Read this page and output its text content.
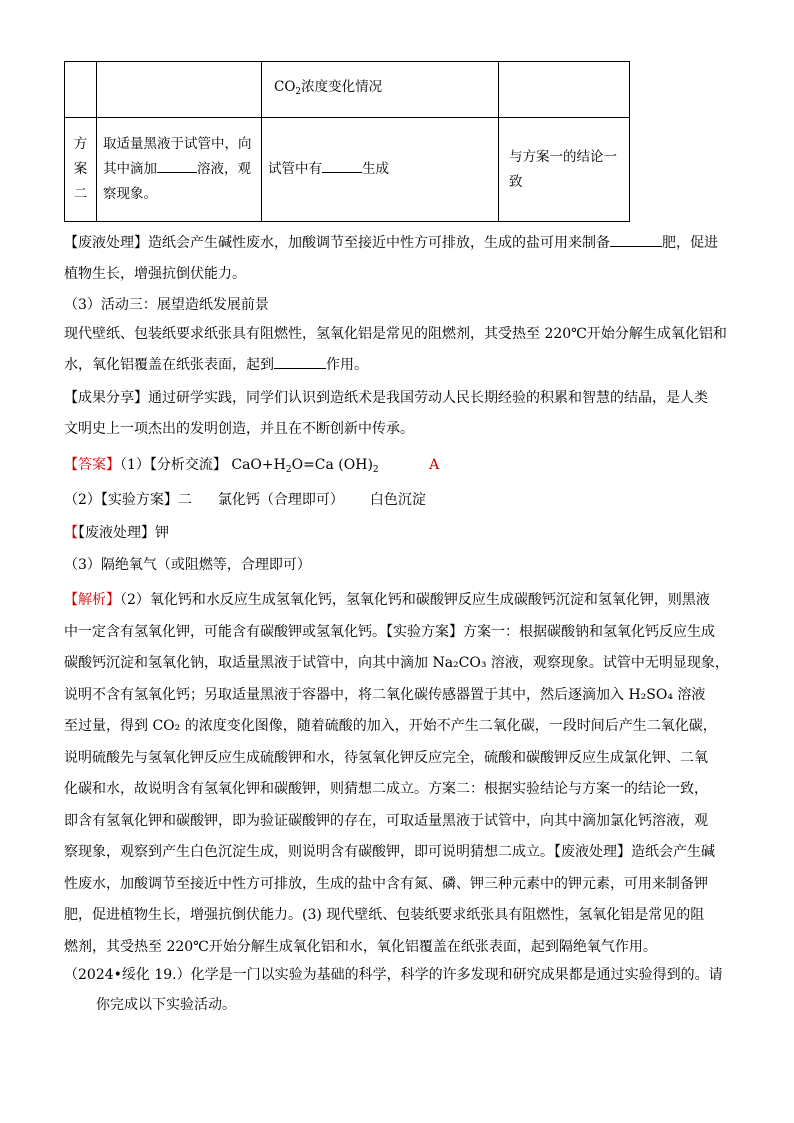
		$CO_2$浓度变化情况	
方案二	取适量黑液于试管中，向其中滴加 溶液，观察现象。	试管中有 生成	与方案一的结论一致
【废液处理】造纸会产生碱性废水，加酸调节至接近中性方可排放，生成的盐可用来制备	肥，促进
植物生长，增强抗倒伏能力。
（3）活动三：展望造纸发展前景
现代壁纸、包装纸要求纸张具有阻燃性，氢氧化铝是常见的阻燃剂，其受热至 220℃开始分解生成氧化铝和
水，氧化铝覆盖在纸张表面，起到	作用。
【成果分享】通过研学实践，同学们认识到造纸术是我国劳动人民长期经验的积累和智慧的结晶，是人类
文明史上一项杰出的发明创造，并且在不断创新中传承。
【答案】（1）【分析交流】 $CaO+H_2O=Ca$ $(OH)_2$	A
（2）【实验方案】二 氯化钙（合理即可） 白色沉淀
【【废液处理】钾
（3）隔绝氧气（或阻燃等，合理即可）
【解析】（2）氧化钙和水反应生成氢氧化钙，氢氧化钙和碳酸钾反应生成碳酸钙沉淀和氢氧化钾，则黑液
中一定含有氢氧化钾，可能含有碳酸钾或氢氧化钙。【实验方案】方案一：根据碳酸钠和氢氧化钙反应生成
碳酸钙沉淀和氢氧化钠，取适量黑液于试管中，向其中滴加 Na₂CO₃ 溶液，观察现象。试管中无明显现象，
说明不含有氢氧化钙；另取适量黑液于容器中，将二氧化碳传感器置于其中，然后逐滴加入 H₂SO₄ 溶液
至过量，得到 CO₂ 的浓度变化图像，随着硫酸的加入，开始不产生二氧化碳，一段时间后产生二氧化碳，
说明硫酸先与氢氧化钾反应生成硫酸钾和水，待氢氧化钾反应完全，硫酸和碳酸钾反应生成氯化钾、二氧
化碳和水，故说明含有氢氧化钾和碳酸钾，则猜想二成立。方案二：根据实验结论与方案一的结论一致，
即含有氢氧化钾和碳酸钾，即为验证碳酸钾的存在，可取适量黑液于试管中，向其中滴加氯化钙溶液，观
察现象，观察到产生白色沉淀生成，则说明含有碳酸钾，即可说明猜想二成立。【废液处理】造纸会产生碱
性废水，加酸调节至接近中性方可排放，生成的盐中含有氮、磷、钾三种元素中的钾元素，可用来制备钾
肥，促进植物生长，增强抗倒伏能力。(3) 现代壁纸、包装纸要求纸张具有阻燃性，氢氧化铝是常见的阻
燃剂，其受热至 220℃开始分解生成氧化铝和水，氧化铝覆盖在纸张表面，起到隔绝氧气作用。
（2024•绥化 19.）化学是一门以实验为基础的科学，科学的许多发现和研究成果都是通过实验得到的。请
你完成以下实验活动。
